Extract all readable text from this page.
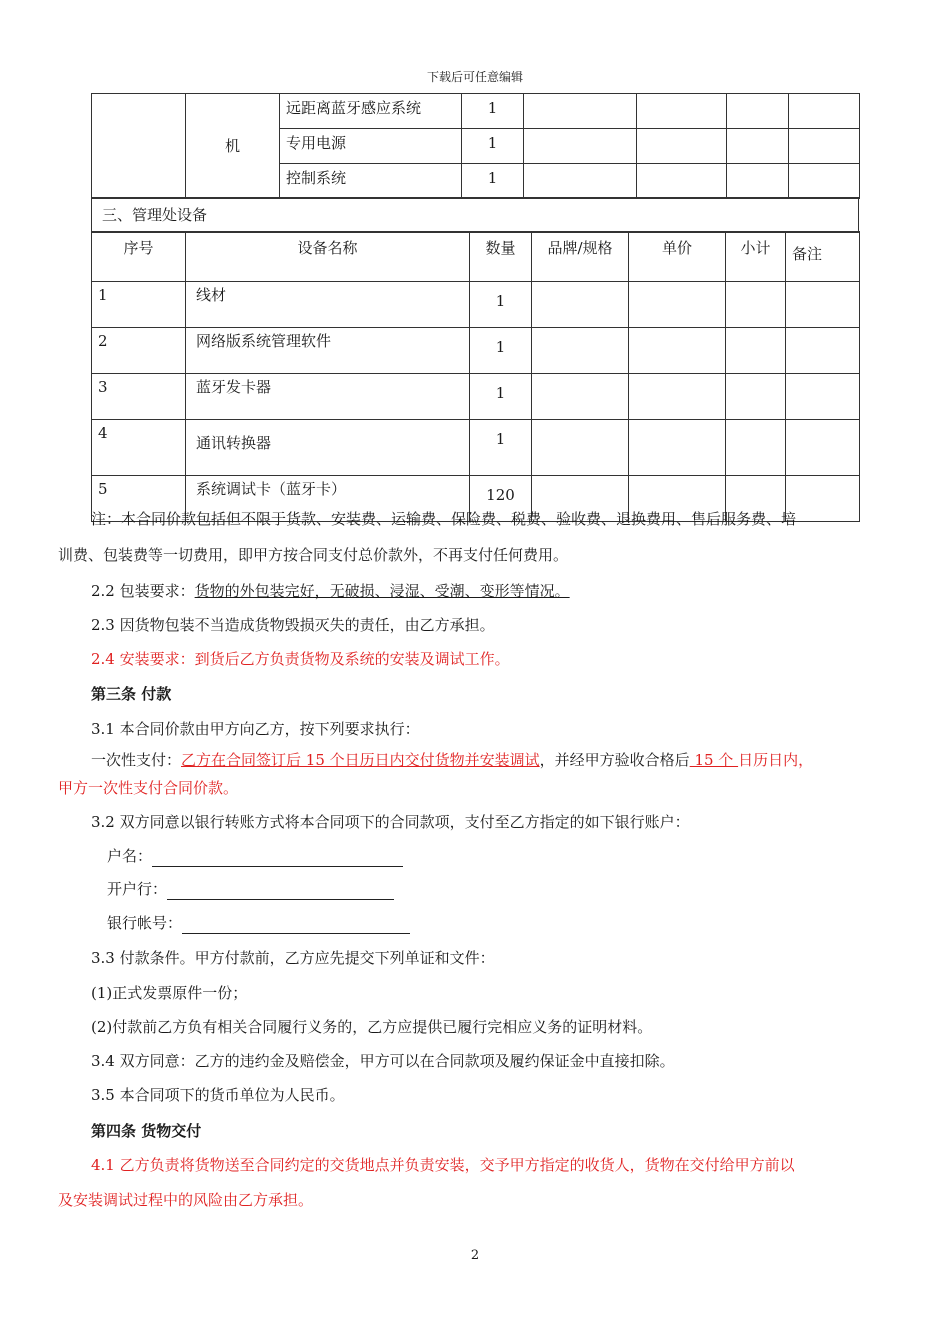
下载后可任意编辑
	机	远距离蓝牙感应系统	1				
		专用电源	1				
		控制系统	1				
三、管理处设备
序号	设备名称	数量	品牌/规格	单价	小计	备注
1	线材	1				
2	网络版系统管理软件	1				
3	蓝牙发卡器	1				
4	通讯转换器	1				
5	系统调试卡（蓝牙卡）	120				
注：本合同价款包括但不限于货款、安装费、运输费、保险费、税费、验收费、退换费用、售后服务费、培
训费、包装费等一切费用，即甲方按合同支付总价款外，不再支付任何费用。
2.2 包装要求：货物的外包装完好，无破损、浸湿、受潮、变形等情况。
2.3 因货物包装不当造成货物毁损灭失的责任，由乙方承担。
2.4 安装要求：到货后乙方负责货物及系统的安装及调试工作。
第三条 付款
3.1 本合同价款由甲方向乙方，按下列要求执行：
一次性支付：乙方在合同签订后 15 个日历日内交付货物并安装调试，并经甲方验收合格后 15 个 日历日内，
甲方一次性支付合同价款。
3.2 双方同意以银行转账方式将本合同项下的合同款项，支付至乙方指定的如下银行账户：
户名：
开户行：
银行帐号：
3.3 付款条件。甲方付款前，乙方应先提交下列单证和文件：
(1)正式发票原件一份；
(2)付款前乙方负有相关合同履行义务的，乙方应提供已履行完相应义务的证明材料。
3.4 双方同意：乙方的违约金及赔偿金，甲方可以在合同款项及履约保证金中直接扣除。
3.5 本合同项下的货币单位为人民币。
第四条 货物交付
4.1 乙方负责将货物送至合同约定的交货地点并负责安装，交予甲方指定的收货人，货物在交付给甲方前以
及安装调试过程中的风险由乙方承担。
2
